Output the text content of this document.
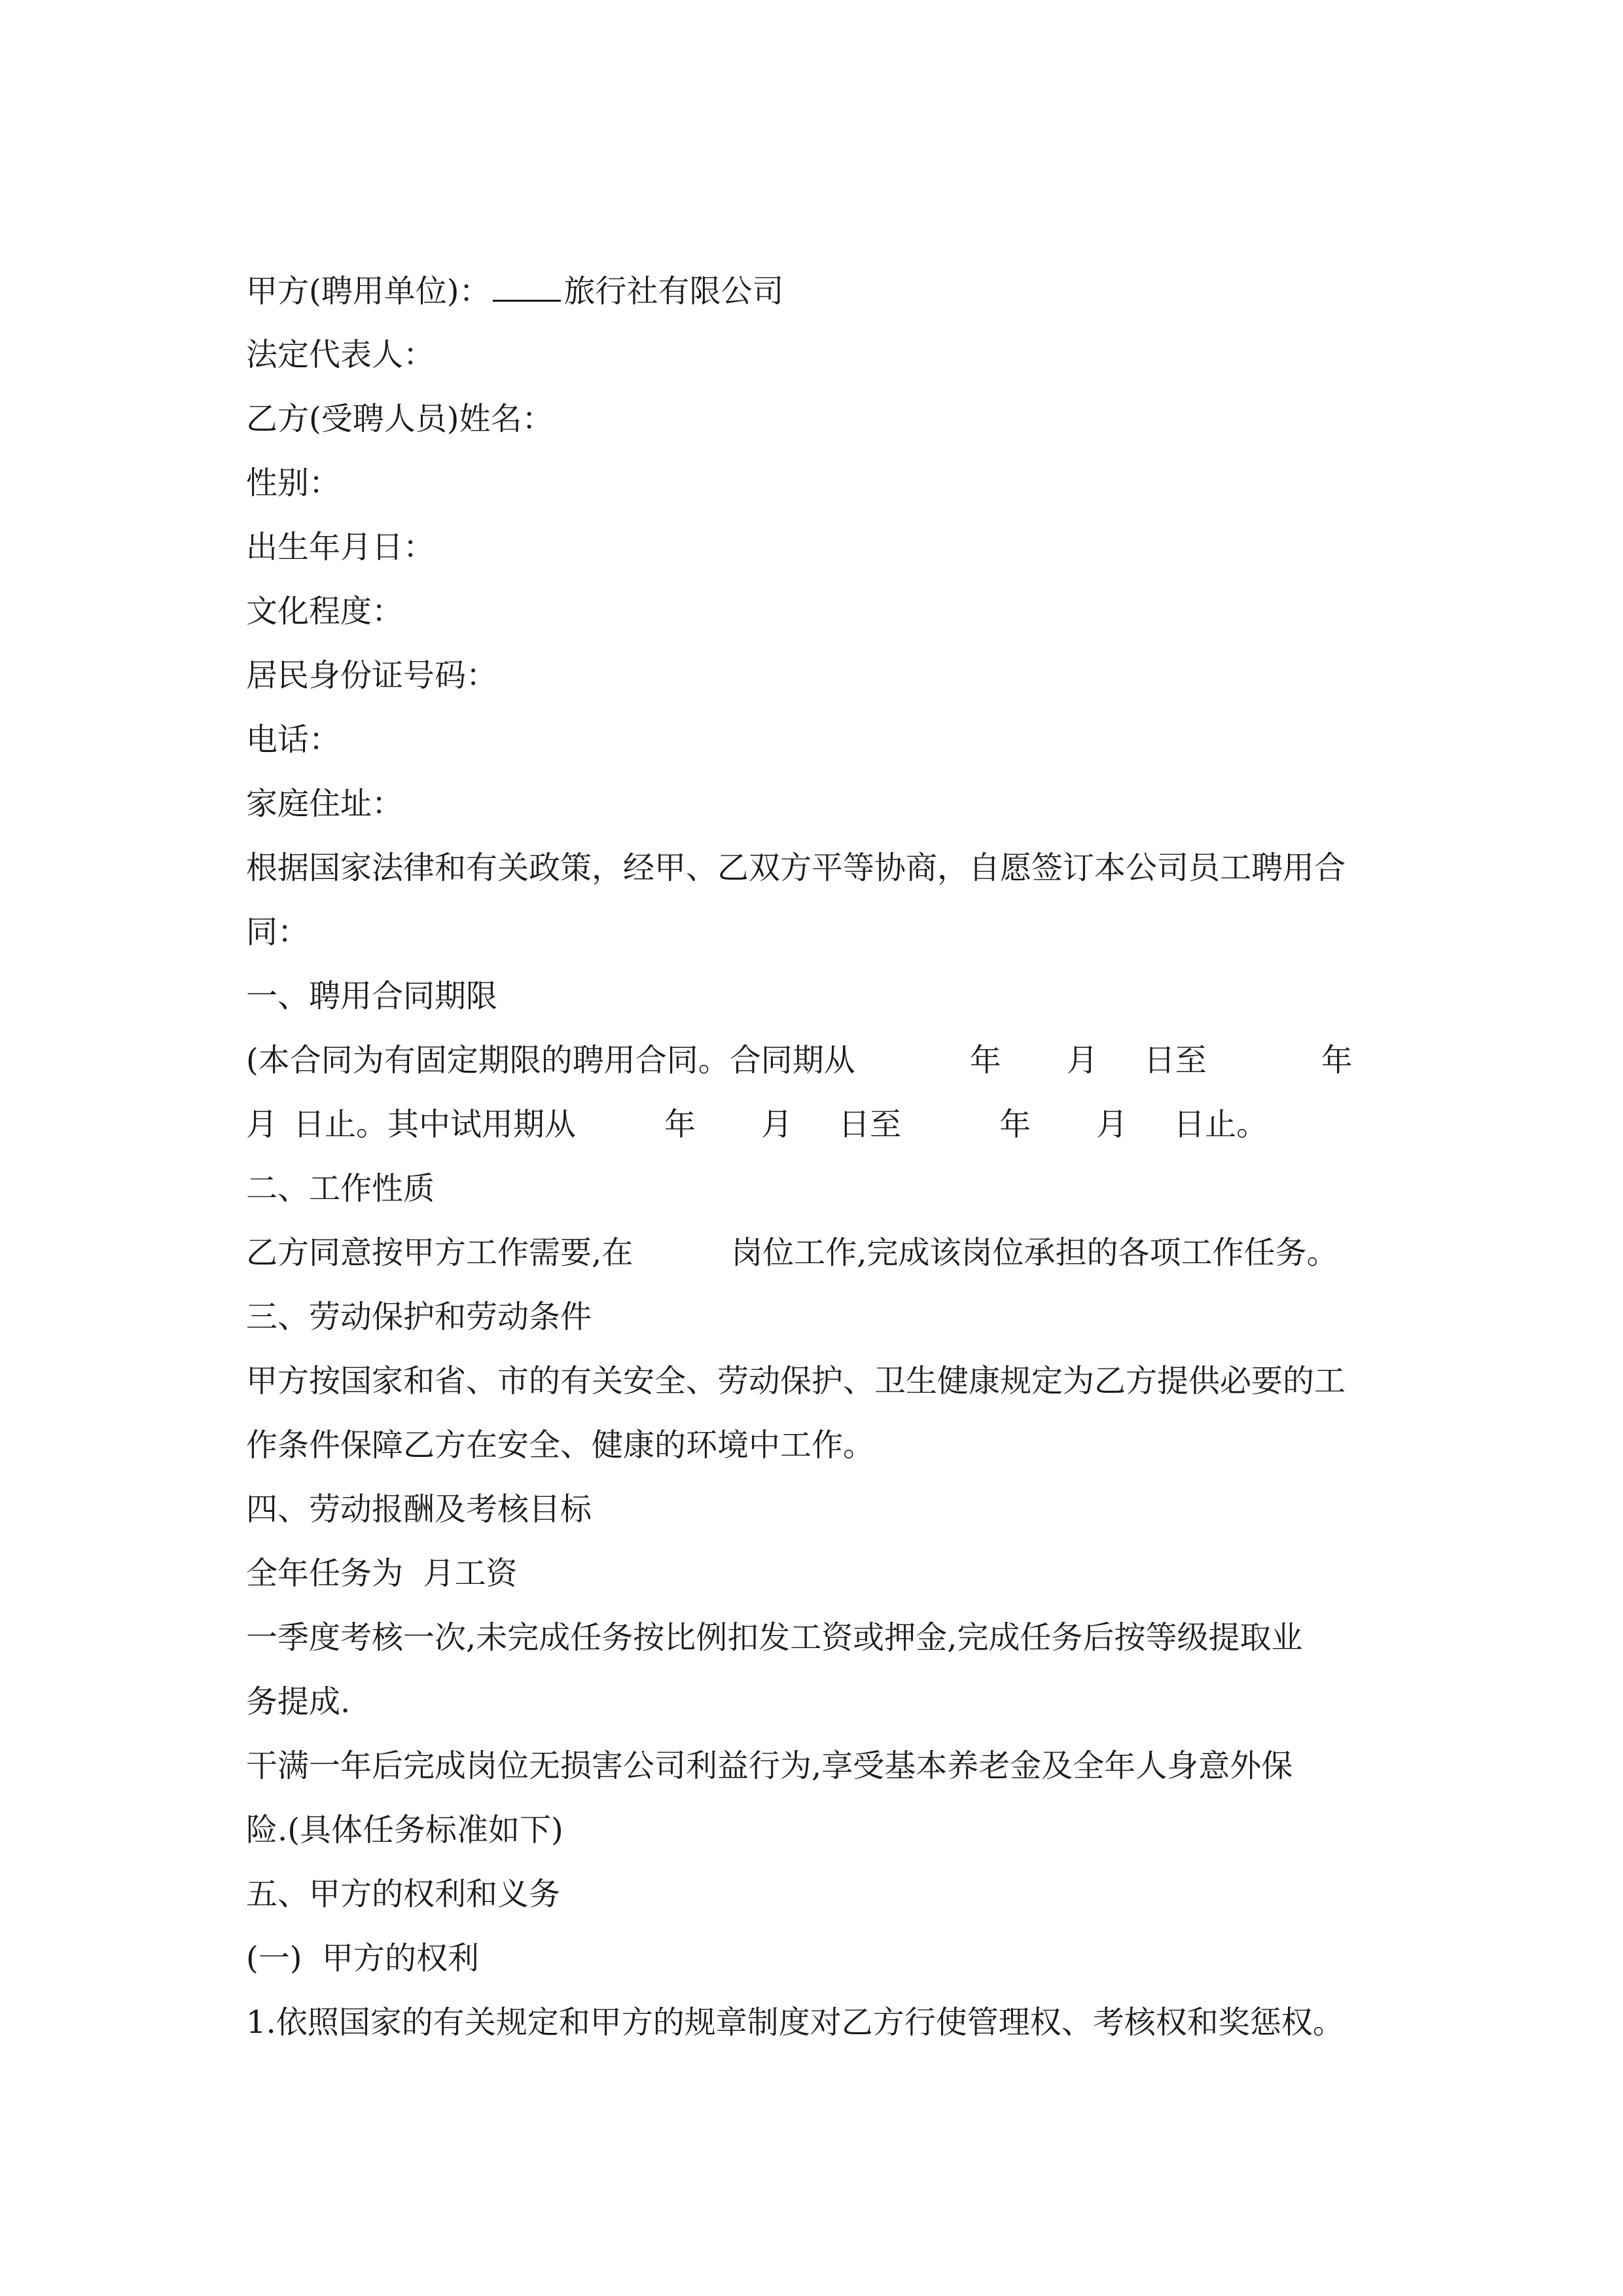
甲方(聘用单位)： 旅行社有限公司
法定代表人：
乙方(受聘人员)姓名：
性别：
出生年月日：
文化程度：
居民身份证号码：
电话：
家庭住址：
根据国家法律和有关政策，经甲、乙双方平等协商，自愿签订本公司员工聘用合
同：
一、聘用合同期限
(本合同为有固定期限的聘用合同。合同期从	年 月 日至	年
月 日止。其中试用期从	年 月 日至	年 月 日止。
二、工作性质
乙方同意按甲方工作需要,在	岗位工作,完成该岗位承担的各项工作任务。
三、劳动保护和劳动条件
甲方按国家和省、市的有关安全、劳动保护、卫生健康规定为乙方提供必要的工
作条件保障乙方在安全、健康的环境中工作。
四、劳动报酬及考核目标
全年任务为  月工资
一季度考核一次,未完成任务按比例扣发工资或押金,完成任务后按等级提取业
务提成.
干满一年后完成岗位无损害公司利益行为,享受基本养老金及全年人身意外保
险.(具体任务标准如下)
五、甲方的权利和义务
(一)  甲方的权利
1.依照国家的有关规定和甲方的规章制度对乙方行使管理权、考核权和奖惩权。
